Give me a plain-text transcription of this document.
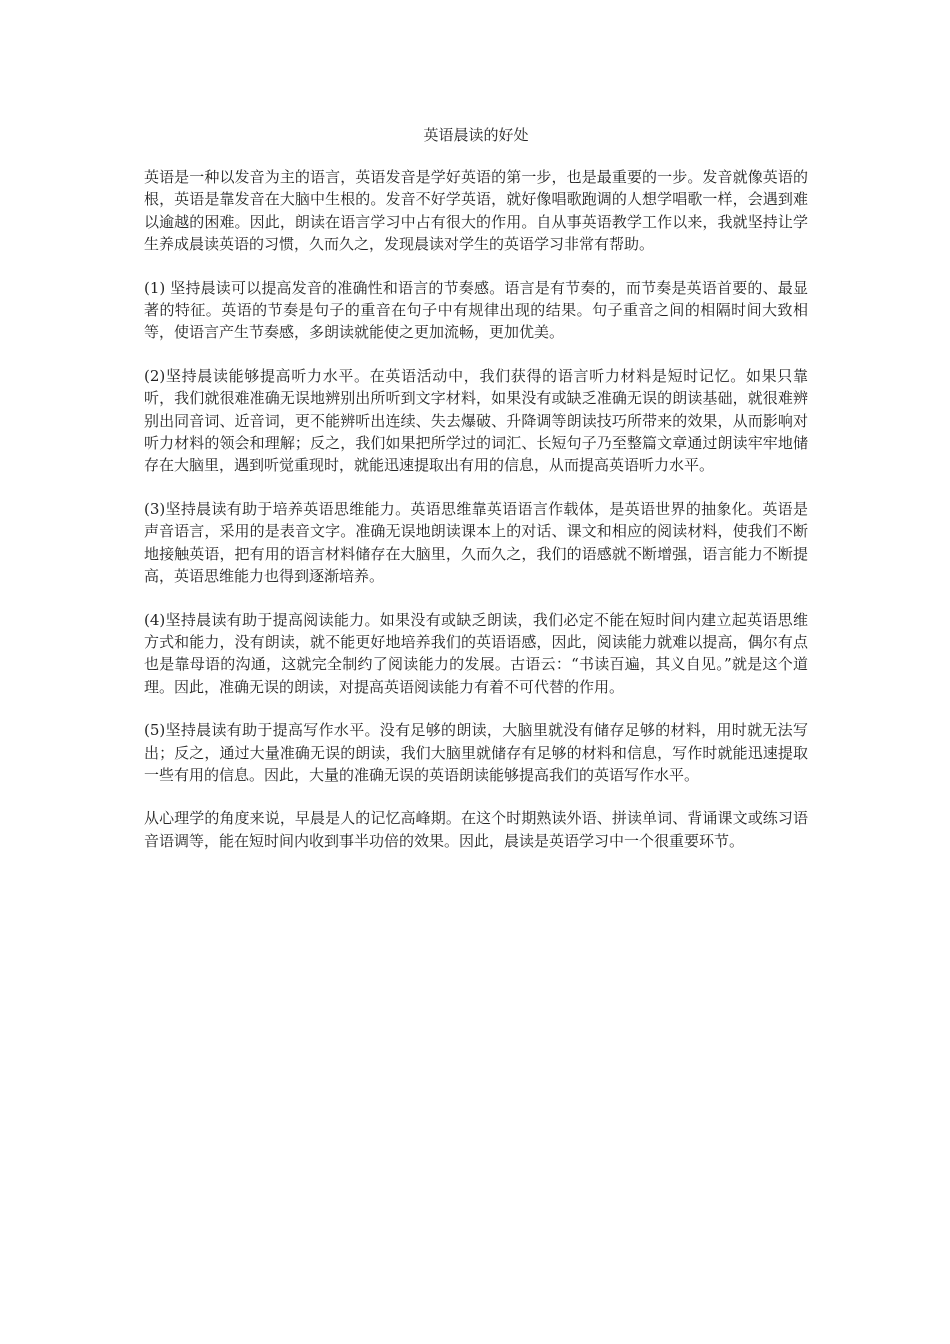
英语晨读的好处

英语是一种以发音为主的语言，英语发音是学好英语的第一步，也是最重要的一步。发音就像英语的根，英语是靠发音在大脑中生根的。发音不好学英语，就好像唱歌跑调的人想学唱歌一样，会遇到难以逾越的困难。因此，朗读在语言学习中占有很大的作用。自从事英语教学工作以来，我就坚持让学生养成晨读英语的习惯，久而久之，发现晨读对学生的英语学习非常有帮助。

(1) 坚持晨读可以提高发音的准确性和语言的节奏感。语言是有节奏的，而节奏是英语首要的、最显著的特征。英语的节奏是句子的重音在句子中有规律出现的结果。句子重音之间的相隔时间大致相等，使语言产生节奏感，多朗读就能使之更加流畅，更加优美。

(2)坚持晨读能够提高听力水平。在英语活动中，我们获得的语言听力材料是短时记忆。如果只靠听，我们就很难准确无误地辨别出所听到文字材料，如果没有或缺乏准确无误的朗读基础，就很难辨别出同音词、近音词，更不能辨听出连续、失去爆破、升降调等朗读技巧所带来的效果，从而影响对听力材料的领会和理解；反之，我们如果把所学过的词汇、长短句子乃至整篇文章通过朗读牢牢地储存在大脑里，遇到听觉重现时，就能迅速提取出有用的信息，从而提高英语听力水平。

(3)坚持晨读有助于培养英语思维能力。英语思维靠英语语言作载体，是英语世界的抽象化。英语是声音语言，采用的是表音文字。准确无误地朗读课本上的对话、课文和相应的阅读材料，使我们不断地接触英语，把有用的语言材料储存在大脑里，久而久之，我们的语感就不断增强，语言能力不断提高，英语思维能力也得到逐渐培养。

(4)坚持晨读有助于提高阅读能力。如果没有或缺乏朗读，我们必定不能在短时间内建立起英语思维方式和能力，没有朗读，就不能更好地培养我们的英语语感，因此，阅读能力就难以提高，偶尔有点也是靠母语的沟通，这就完全制约了阅读能力的发展。古语云：“书读百遍，其义自见。”就是这个道理。因此，准确无误的朗读，对提高英语阅读能力有着不可代替的作用。

(5)坚持晨读有助于提高写作水平。没有足够的朗读，大脑里就没有储存足够的材料，用时就无法写出；反之，通过大量准确无误的朗读，我们大脑里就储存有足够的材料和信息，写作时就能迅速提取一些有用的信息。因此，大量的准确无误的英语朗读能够提高我们的英语写作水平。

从心理学的角度来说，早晨是人的记忆高峰期。在这个时期熟读外语、拼读单词、背诵课文或练习语音语调等，能在短时间内收到事半功倍的效果。因此，晨读是英语学习中一个很重要环节。
